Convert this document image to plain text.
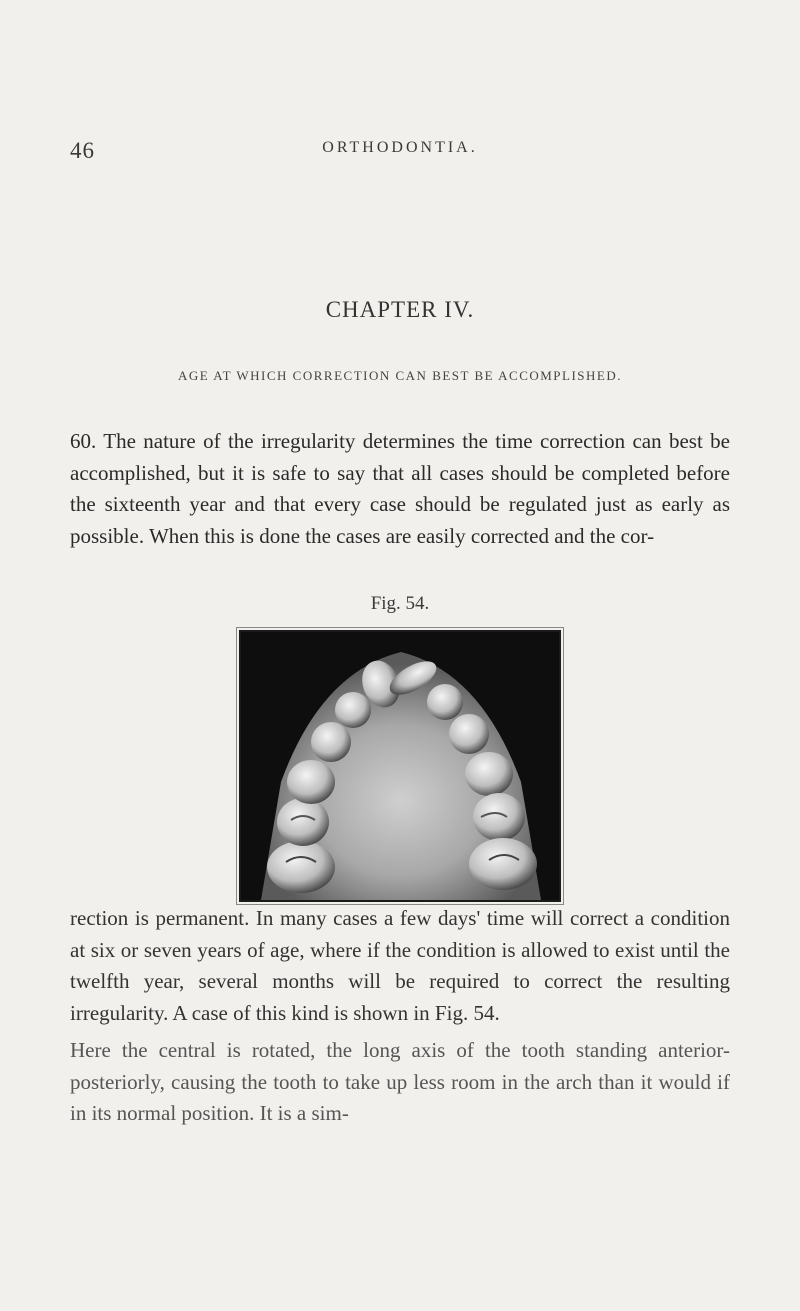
46	ORTHODONTIA.
CHAPTER IV.
AGE AT WHICH CORRECTION CAN BEST BE ACCOMPLISHED.
60. The nature of the irregularity determines the time correction can best be accomplished, but it is safe to say that all cases should be completed before the sixteenth year and that every case should be regulated just as early as possible. When this is done the cases are easily corrected and the cor-
Fig. 54.
rection is permanent. In many cases a few days' time will correct a condition at six or seven years of age, where if the condition is allowed to exist until the twelfth year, several months will be required to correct the resulting irregularity. A case of this kind is shown in Fig. 54.
Here the central is rotated, the long axis of the tooth standing anterior-posteriorly, causing the tooth to take up less room in the arch than it would if in its normal position. It is a sim-
